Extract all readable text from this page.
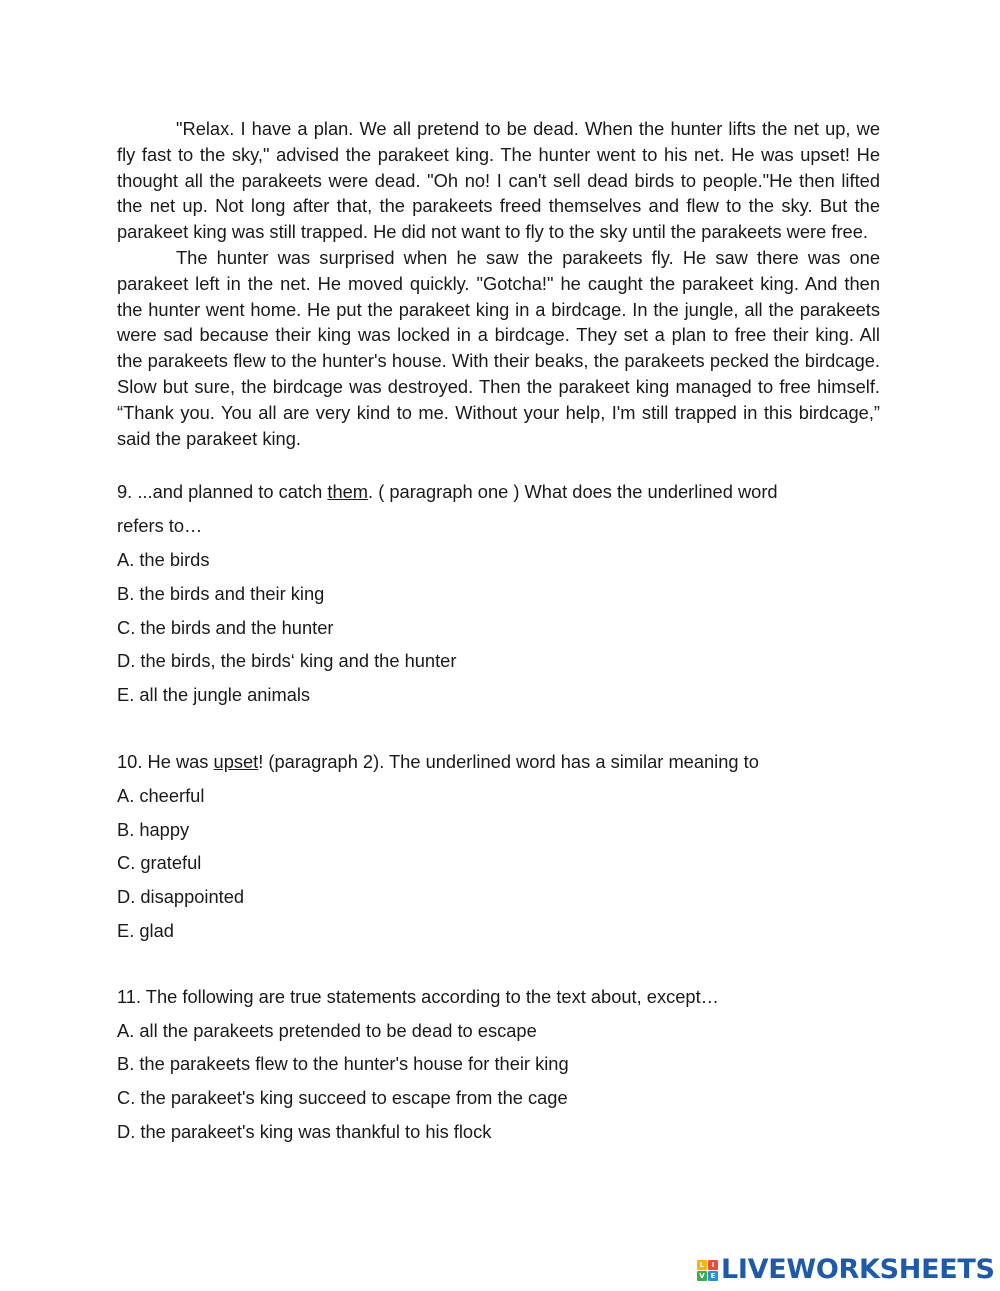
"Relax. I have a plan. We all pretend to be dead. When the hunter lifts the net up, we fly fast to the sky," advised the parakeet king. The hunter went to his net. He was upset! He thought all the parakeets were dead. "Oh no! I can't sell dead birds to people."He then lifted the net up. Not long after that, the parakeets freed themselves and flew to the sky. But the parakeet king was still trapped. He did not want to fly to the sky until the parakeets were free.

The hunter was surprised when he saw the parakeets fly. He saw there was one parakeet left in the net. He moved quickly. "Gotcha!" he caught the parakeet king. And then the hunter went home. He put the parakeet king in a birdcage. In the jungle, all the parakeets were sad because their king was locked in a birdcage. They set a plan to free their king. All the parakeets flew to the hunter's house. With their beaks, the parakeets pecked the birdcage. Slow but sure, the birdcage was destroyed. Then the parakeet king managed to free himself. “Thank you. You all are very kind to me. Without your help, I'm still trapped in this birdcage,” said the parakeet king.

9. ...and planned to catch them. ( paragraph one ) What does the underlined word
refers to…
A. the birds
B. the birds and their king
C. the birds and the hunter
D. the birds, the birds‘ king and the hunter
E. all the jungle animals
10. He was upset! (paragraph 2). The underlined word has a similar meaning to
A. cheerful
B. happy
C. grateful
D. disappointed
E. glad
11. The following are true statements according to the text about, except…
A. all the parakeets pretended to be dead to escape
B. the parakeets flew to the hunter's house for their king
C. the parakeet's king succeed to escape from the cage
D. the parakeet's king was thankful to his flock
L	I
V E LIVEWORKSHEETS
